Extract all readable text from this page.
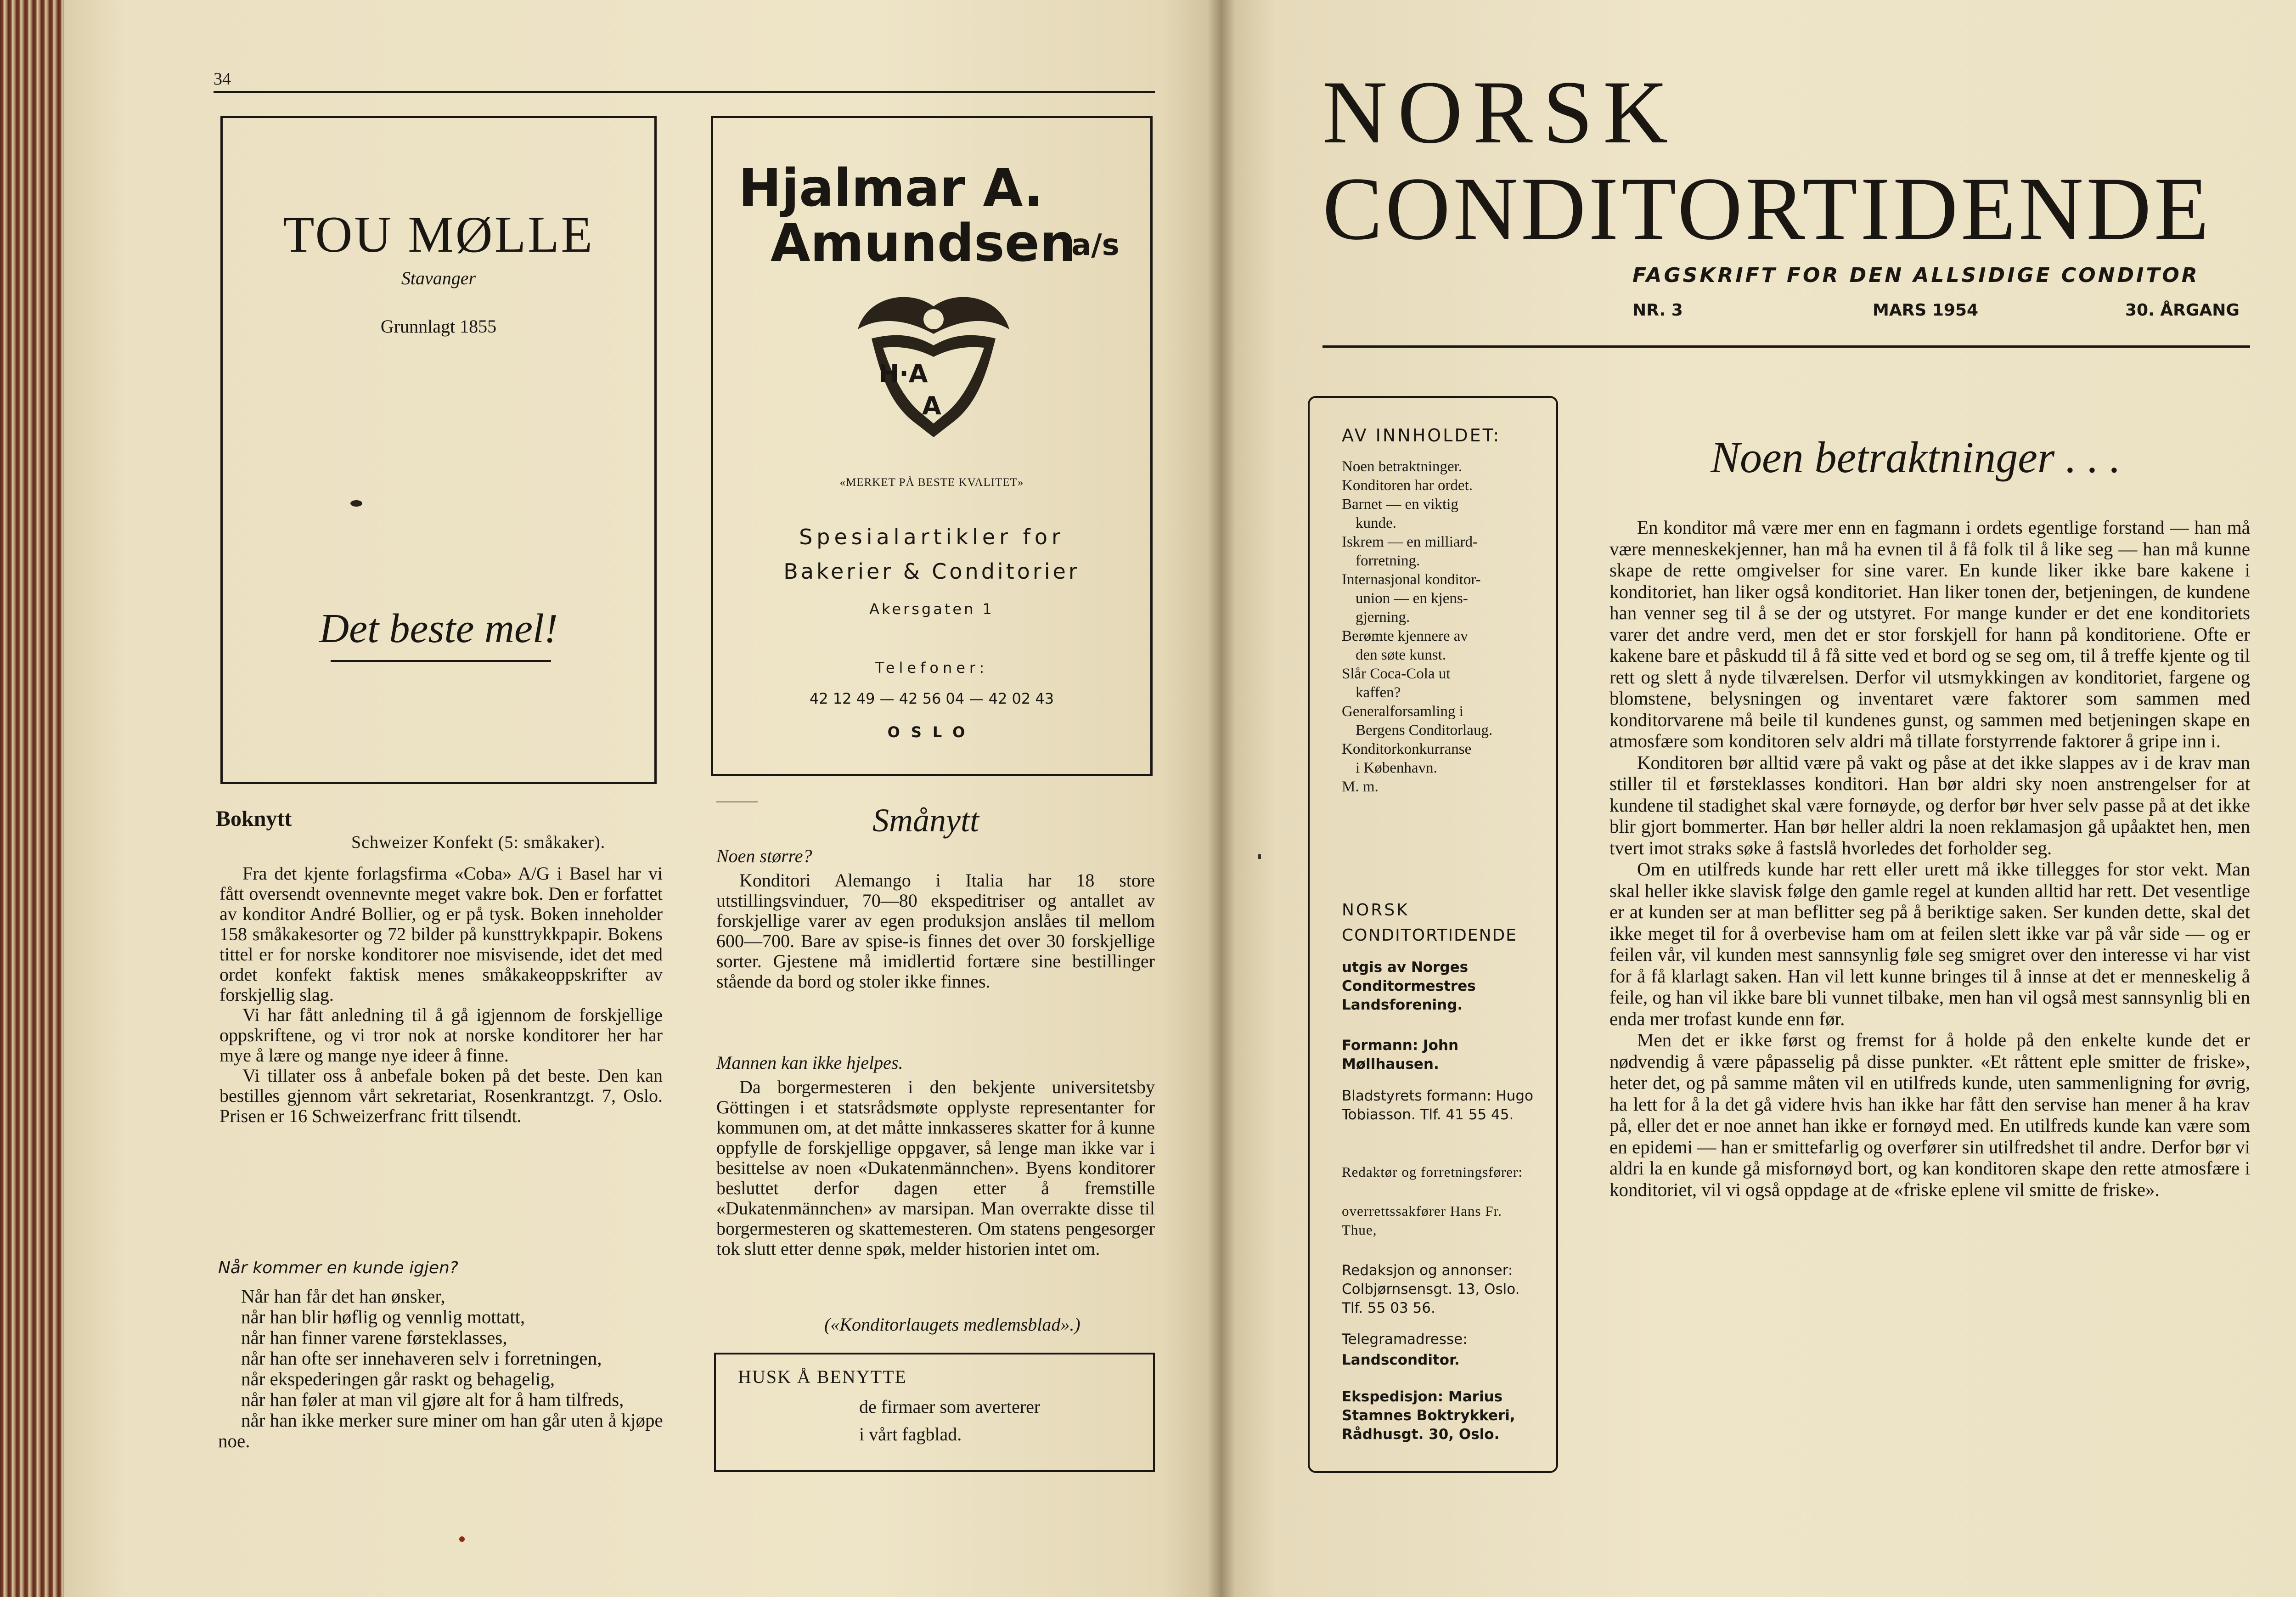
34
TOU MØLLE
Stavanger
Grunnlagt 1855
Det beste mel!
Hjalmar A.
Amundsen
a/s
H·A
A
«MERKET PÅ BESTE KVALITET»
Spesialartikler for
Bakerier & Conditorier
Akersgaten 1
Telefoner:
42 12 49 — 42 56 04 — 42 02 43
OSLO
Boknytt
Schweizer Konfekt (5: småkaker).

Fra det kjente forlagsfirma «Coba» A/G i Basel har vi fått oversendt ovennevnte meget vakre bok. Den er forfattet av konditor André Bollier, og er på tysk. Boken inneholder 158 småkakesorter og 72 bilder på kunsttrykkpapir. Bokens tittel er for norske konditorer noe misvisende, idet det med ordet konfekt faktisk menes småkakeoppskrifter av forskjellig slag.

Vi har fått anledning til å gå igjennom de forskjellige oppskriftene, og vi tror nok at norske konditorer her har mye å lære og mange nye ideer å finne.

Vi tillater oss å anbefale boken på det beste. Den kan bestilles gjennom vårt sekretariat, Rosenkrantzgt. 7, Oslo. Prisen er 16 Schweizerfranc fritt tilsendt.

Når kommer en kunde igjen?

Når han får det han ønsker,

når han blir høflig og vennlig mottatt,

når han finner varene førsteklasses,

når han ofte ser innehaveren selv i forretningen,

når ekspederingen går raskt og behagelig,

når han føler at man vil gjøre alt for å ham tilfreds,

når han ikke merker sure miner om han går uten å kjøpe noe.

Smånytt
Noen større?

Konditori Alemango i Italia har 18 store utstillingsvinduer, 70—80 ekspeditriser og antallet av forskjellige varer av egen produksjon anslåes til mellom 600—700. Bare av spise-is finnes det over 30 forskjellige sorter. Gjestene må imidlertid fortære sine bestillinger stående da bord og stoler ikke finnes.

Mannen kan ikke hjelpes.

Da borgermesteren i den bekjente universitetsby Göttingen i et statsrådsmøte opplyste representanter for kommunen om, at det måtte innkasseres skatter for å kunne oppfylle de forskjellige oppgaver, så lenge man ikke var i besittelse av noen «Dukatenmännchen». Byens konditorer besluttet derfor dagen etter å fremstille «Dukatenmännchen» av marsipan. Man overrakte disse til borgermesteren og skattemesteren. Om statens pengesorger tok slutt etter denne spøk, melder historien intet om.

(«Konditorlaugets medlemsblad».)
HUSK Å BENYTTE
de firmaer som averterer
i vårt fagblad.
NORSK
CONDITORTIDENDE
FAGSKRIFT FOR DEN ALLSIDIGE CONDITOR
NR. 3	MARS 1954	30. ÅRGANG
AV INNHOLDET:

Noen betraktninger.

Konditoren har ordet.

Barnet — en viktig

kunde.

Iskrem — en milliard-

forretning.

Internasjonal konditor-

union — en kjens-

gjerning.

Berømte kjennere av

den søte kunst.

Slår Coca-Cola ut

kaffen?

Generalforsamling i

Bergens Conditorlaug.

Konditorkonkurranse

i København.

M. m.

NORSK
CONDITORTIDENDE
utgis av Norges Conditormestres Landsforening.
Formann: John Møllhausen.
Bladstyrets formann: Hugo Tobiasson. Tlf. 41 55 45.
Redaktør og forretningsfører:
overrettssakfører Hans Fr. Thue,
Redaksjon og annonser: Colbjørnsensgt. 13, Oslo. Tlf. 55 03 56.
Telegramadresse:
Landsconditor.
Ekspedisjon: Marius Stamnes Boktrykkeri, Rådhusgt. 30, Oslo.
Noen betraktninger . . .

En konditor må være mer enn en fagmann i ordets egentlige forstand — han må være menneskekjenner, han må ha evnen til å få folk til å like seg — han må kunne skape de rette omgivelser for sine varer. En kunde liker ikke bare kakene i konditoriet, han liker også konditoriet. Han liker tonen der, betjeningen, de kundene han venner seg til å se der og utstyret. For mange kunder er det ene konditoriets varer det andre verd, men det er stor forskjell for hann på konditoriene. Ofte er kakene bare et påskudd til å få sitte ved et bord og se seg om, til å treffe kjente og til rett og slett å nyde tilværelsen. Derfor vil utsmykkingen av konditoriet, fargene og blomstene, belysningen og inventaret være faktorer som sammen med konditorvarene må beile til kundenes gunst, og sammen med betjeningen skape en atmosfære som konditoren selv aldri må tillate forstyrrende faktorer å gripe inn i.

Konditoren bør alltid være på vakt og påse at det ikke slappes av i de krav man stiller til et førsteklasses konditori. Han bør aldri sky noen anstrengelser for at kundene til stadighet skal være fornøyde, og derfor bør hver selv passe på at det ikke blir gjort bommerter. Han bør heller aldri la noen reklamasjon gå upåaktet hen, men tvert imot straks søke å fastslå hvorledes det forholder seg.

Om en utilfreds kunde har rett eller urett må ikke tillegges for stor vekt. Man skal heller ikke slavisk følge den gamle regel at kunden alltid har rett. Det vesentlige er at kunden ser at man beflitter seg på å beriktige saken. Ser kunden dette, skal det ikke meget til for å overbevise ham om at feilen slett ikke var på vår side — og er feilen vår, vil kunden mest sannsynlig føle seg smigret over den interesse vi har vist for å få klarlagt saken. Han vil lett kunne bringes til å innse at det er menneskelig å feile, og han vil ikke bare bli vunnet tilbake, men han vil også mest sannsynlig bli en enda mer trofast kunde enn før.

Men det er ikke først og fremst for å holde på den enkelte kunde det er nødvendig å være påpasselig på disse punkter. «Et råttent eple smitter de friske», heter det, og på samme måten vil en utilfreds kunde, uten sammenligning for øvrig, ha lett for å la det gå videre hvis han ikke har fått den servise han mener å ha krav på, eller det er noe annet han ikke er fornøyd med. En utilfreds kunde kan være som en epidemi — han er smittefarlig og overfører sin utilfredshet til andre. Derfor bør vi aldri la en kunde gå misfornøyd bort, og kan konditoren skape den rette atmosfære i konditoriet, vil vi også oppdage at de «friske eplene vil smitte de friske».
